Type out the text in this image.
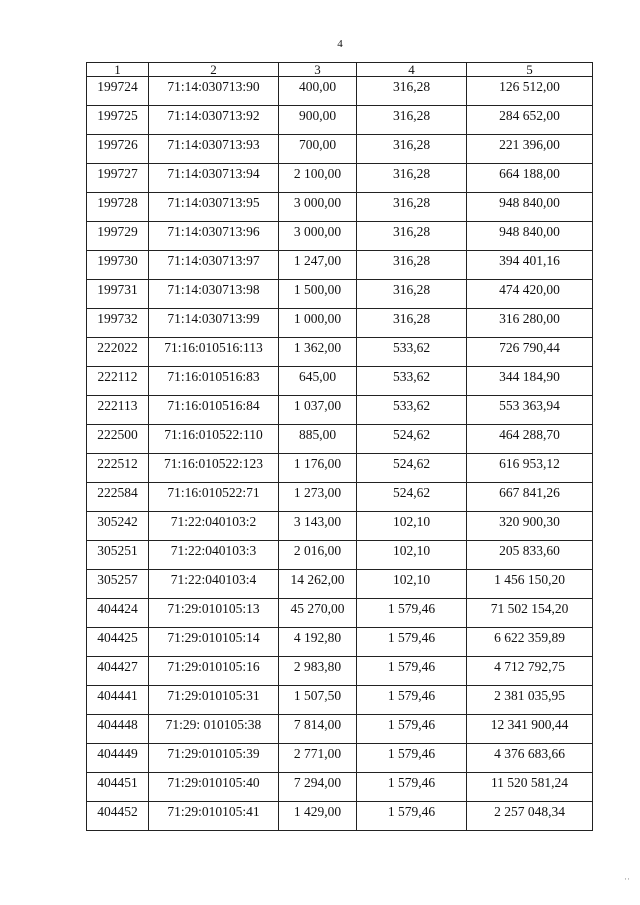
4
1	2	3	4	5
199724	71:14:030713:90	400,00	316,28	126 512,00
199725	71:14:030713:92	900,00	316,28	284 652,00
199726	71:14:030713:93	700,00	316,28	221 396,00
199727	71:14:030713:94	2 100,00	316,28	664 188,00
199728	71:14:030713:95	3 000,00	316,28	948 840,00
199729	71:14:030713:96	3 000,00	316,28	948 840,00
199730	71:14:030713:97	1 247,00	316,28	394 401,16
199731	71:14:030713:98	1 500,00	316,28	474 420,00
199732	71:14:030713:99	1 000,00	316,28	316 280,00
222022	71:16:010516:113	1 362,00	533,62	726 790,44
222112	71:16:010516:83	645,00	533,62	344 184,90
222113	71:16:010516:84	1 037,00	533,62	553 363,94
222500	71:16:010522:110	885,00	524,62	464 288,70
222512	71:16:010522:123	1 176,00	524,62	616 953,12
222584	71:16:010522:71	1 273,00	524,62	667 841,26
305242	71:22:040103:2	3 143,00	102,10	320 900,30
305251	71:22:040103:3	2 016,00	102,10	205 833,60
305257	71:22:040103:4	14 262,00	102,10	1 456 150,20
404424	71:29:010105:13	45 270,00	1 579,46	71 502 154,20
404425	71:29:010105:14	4 192,80	1 579,46	6 622 359,89
404427	71:29:010105:16	2 983,80	1 579,46	4 712 792,75
404441	71:29:010105:31	1 507,50	1 579,46	2 381 035,95
404448	71:29: 010105:38	7 814,00	1 579,46	12 341 900,44
404449	71:29:010105:39	2 771,00	1 579,46	4 376 683,66
404451	71:29:010105:40	7 294,00	1 579,46	11 520 581,24
404452	71:29:010105:41	1 429,00	1 579,46	2 257 048,34
··
